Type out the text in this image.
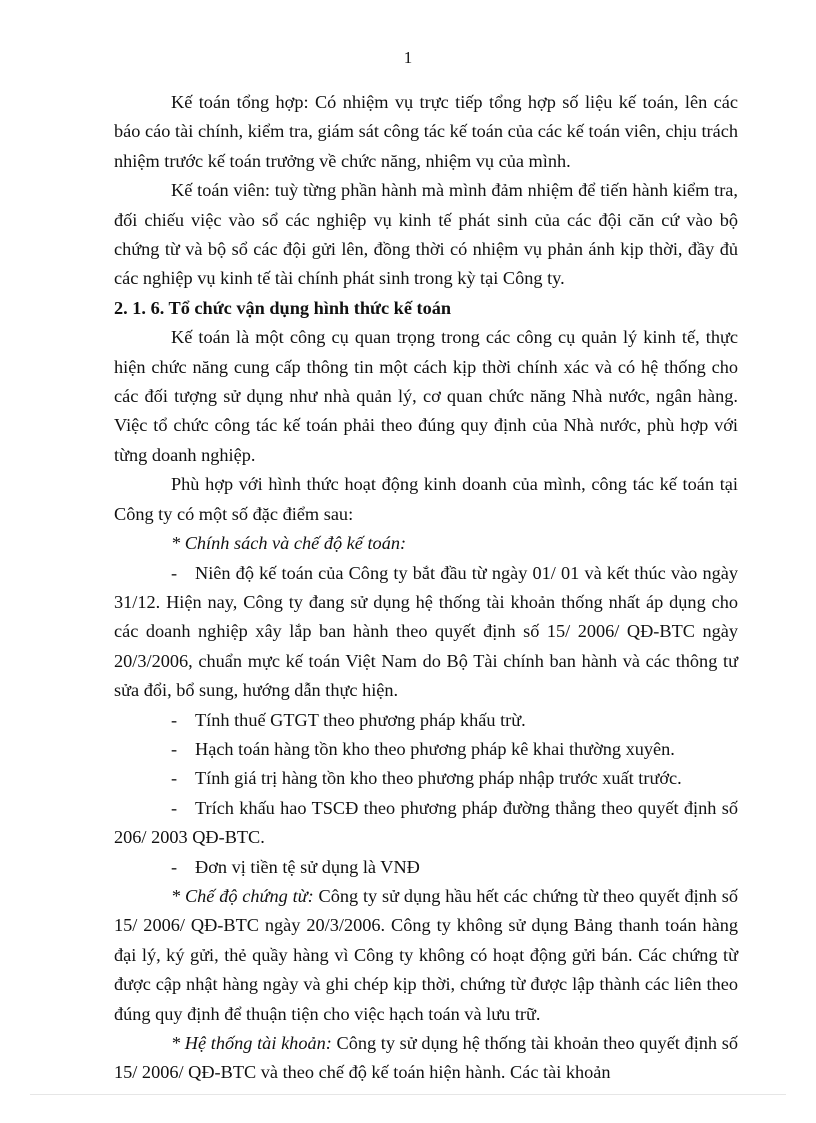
1

Kế toán tổng hợp: Có nhiệm vụ trực tiếp tổng hợp số liệu kế toán, lên các báo cáo tài chính, kiểm tra, giám sát công tác kế toán của các kế toán viên, chịu trách nhiệm trước kế toán trưởng về chức năng, nhiệm vụ của mình.

Kế toán viên: tuỳ từng phần hành mà mình đảm nhiệm để tiến hành kiểm tra, đối chiếu việc vào sổ các nghiệp vụ kinh tế phát sinh của các đội căn cứ vào bộ chứng từ và bộ sổ các đội gửi lên, đồng thời có nhiệm vụ phản ánh kịp thời, đầy đủ các nghiệp vụ kinh tế tài chính phát sinh trong kỳ tại Công ty.

2. 1. 6. Tổ chức vận dụng hình thức kế toán

Kế toán là một công cụ quan trọng trong các công cụ quản lý kinh tế, thực hiện chức năng cung cấp thông tin một cách kịp thời chính xác và có hệ thống cho các đối tượng sử dụng như nhà quản lý, cơ quan chức năng Nhà nước, ngân hàng. Việc tổ chức công tác kế toán phải theo đúng quy định của Nhà nước, phù hợp với từng doanh nghiệp.

Phù hợp với hình thức hoạt động kinh doanh của mình, công tác kế toán tại Công ty có một số đặc điểm sau:

* Chính sách và chế độ kế toán:

- Niên độ kế toán của Công ty bắt đầu từ ngày 01/ 01 và kết thúc vào ngày 31/12. Hiện nay, Công ty đang sử dụng hệ thống tài khoản thống nhất áp dụng cho các doanh nghiệp xây lắp ban hành theo quyết định số 15/ 2006/ QĐ-BTC ngày 20/3/2006, chuẩn mực kế toán Việt Nam do Bộ Tài chính ban hành và các thông tư sửa đổi, bổ sung, hướng dẫn thực hiện.

- Tính thuế GTGT theo phương pháp khấu trừ.

- Hạch toán hàng tồn kho theo phương pháp kê khai thường xuyên.

- Tính giá trị hàng tồn kho theo phương pháp nhập trước xuất trước.

- Trích khấu hao TSCĐ theo phương pháp đường thẳng theo quyết định số 206/ 2003 QĐ-BTC.

- Đơn vị tiền tệ sử dụng là VNĐ

* Chế độ chứng từ: Công ty sử dụng hầu hết các chứng từ theo quyết định số 15/ 2006/ QĐ-BTC ngày 20/3/2006. Công ty không sử dụng Bảng thanh toán hàng đại lý, ký gửi, thẻ quầy hàng vì Công ty không có hoạt động gửi bán. Các chứng từ được cập nhật hàng ngày và ghi chép kịp thời, chứng từ được lập thành các liên theo đúng quy định để thuận tiện cho việc hạch toán và lưu trữ.

* Hệ thống tài khoản: Công ty sử dụng hệ thống tài khoản theo quyết định số 15/ 2006/ QĐ-BTC và theo chế độ kế toán hiện hành. Các tài khoản
